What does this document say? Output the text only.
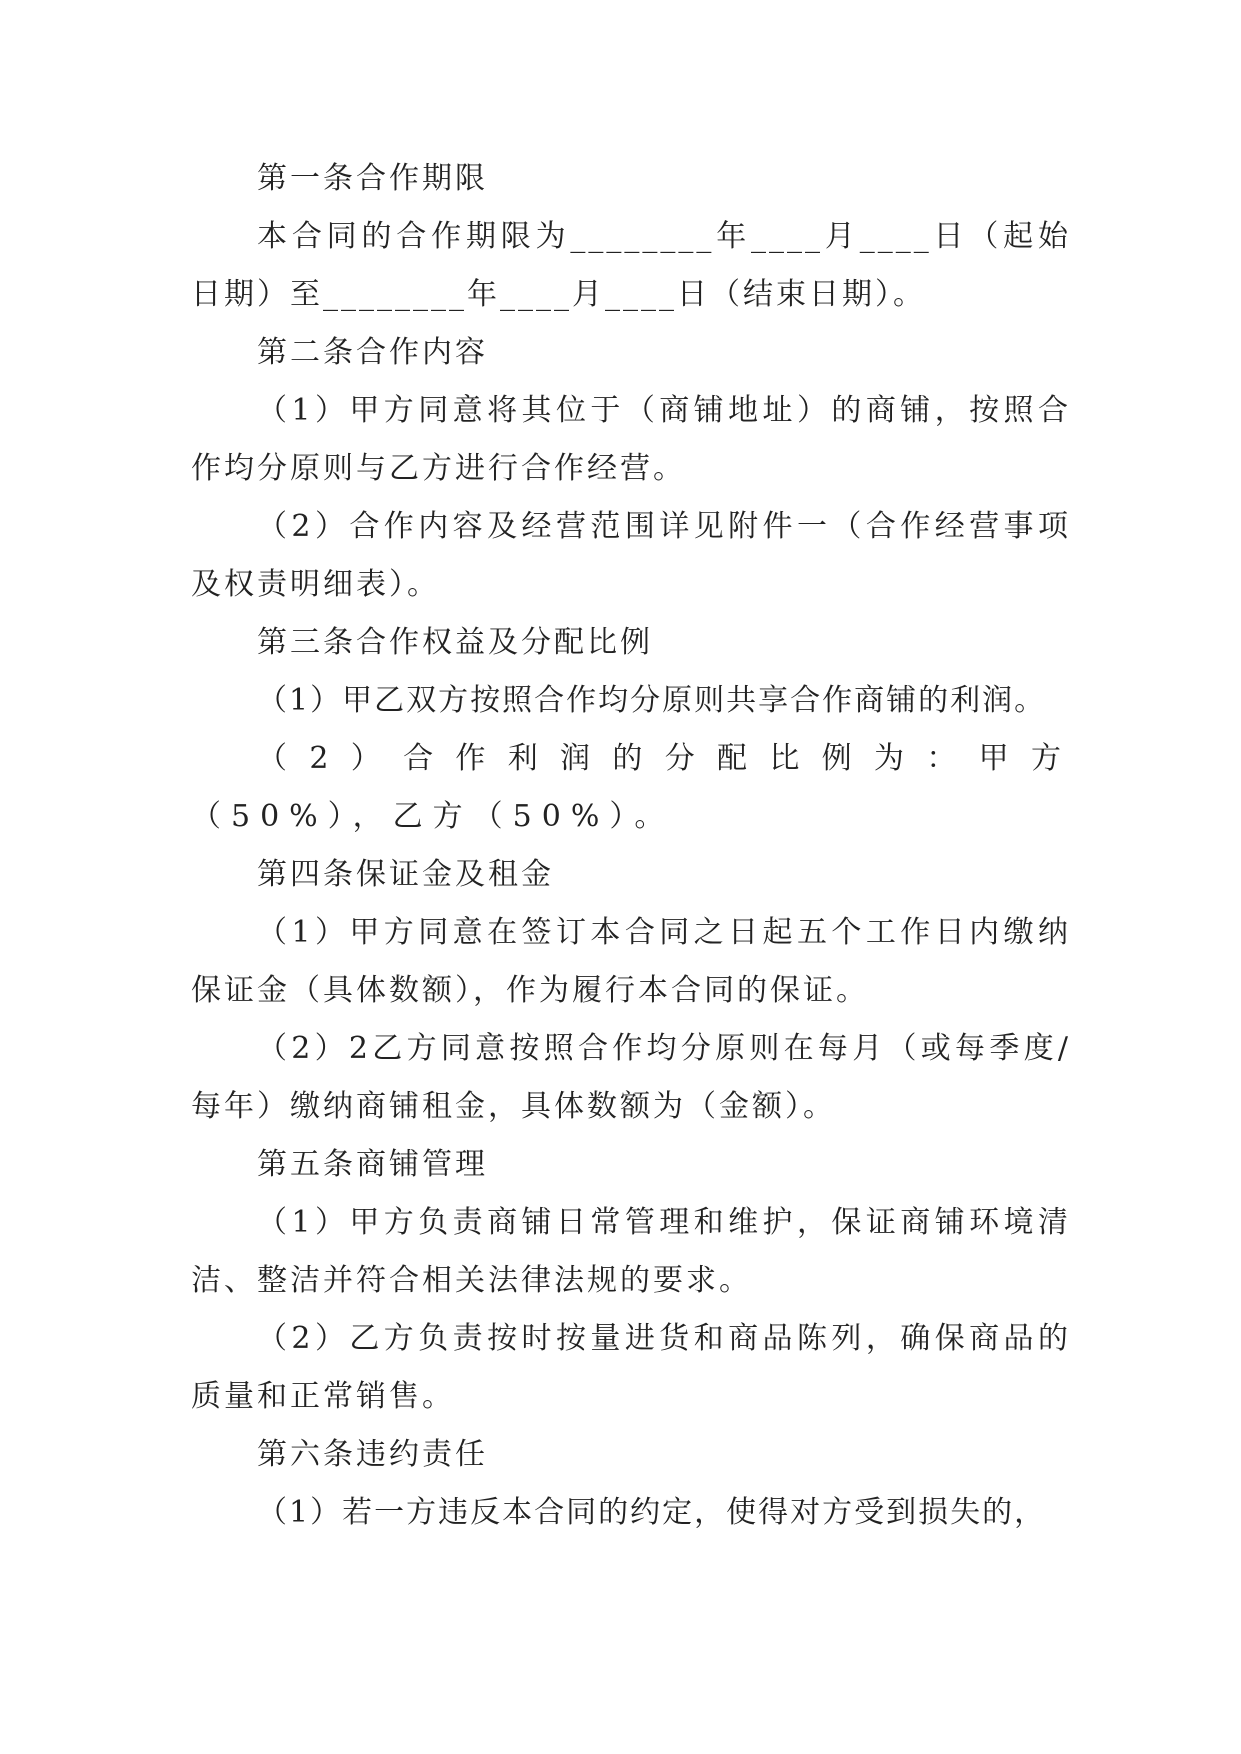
第一条合作期限

本合同的合作期限为________年____月____日（起始日期）至________年____月____日（结束日期）。

第二条合作内容

（1）甲方同意将其位于（商铺地址）的商铺，按照合作均分原则与乙方进行合作经营。

（2）合作内容及经营范围详见附件一（合作经营事项及权责明细表）。

第三条合作权益及分配比例

（1）甲乙双方按照合作均分原则共享合作商铺的利润。

（2）合作利润的分配比例为：甲方（50%），乙方（50%）。

第四条保证金及租金

（1）甲方同意在签订本合同之日起五个工作日内缴纳保证金（具体数额），作为履行本合同的保证。

（2）2乙方同意按照合作均分原则在每月（或每季度/每年）缴纳商铺租金，具体数额为（金额）。

第五条商铺管理

（1）甲方负责商铺日常管理和维护，保证商铺环境清洁、整洁并符合相关法律法规的要求。

（2）乙方负责按时按量进货和商品陈列，确保商品的质量和正常销售。

第六条违约责任

（1）若一方违反本合同的约定，使得对方受到损失的，
